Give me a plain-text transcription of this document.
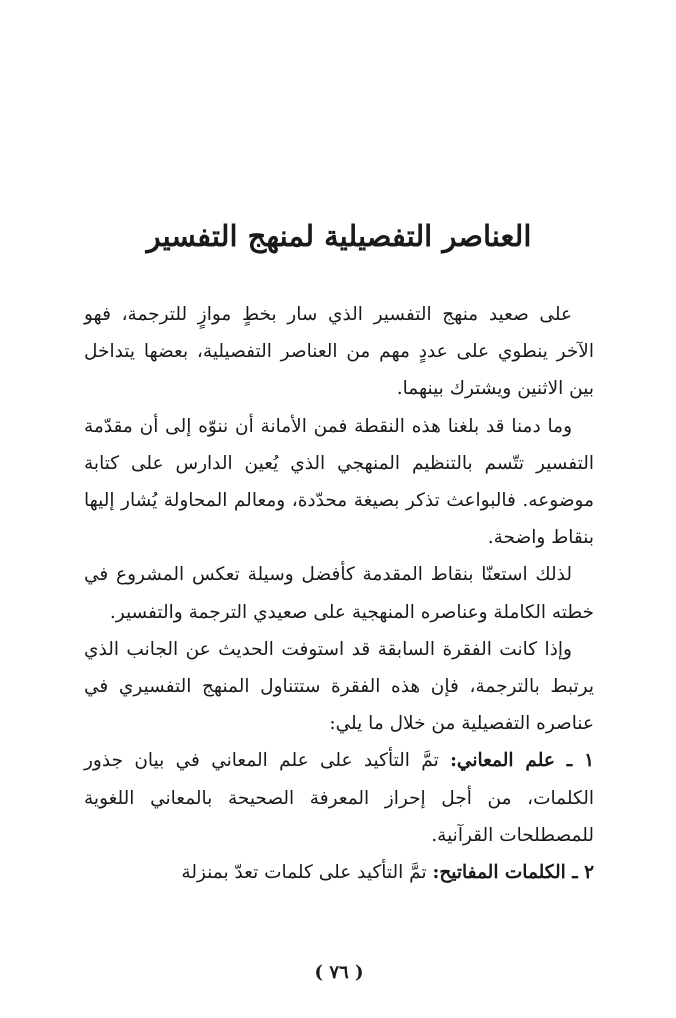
العناصر التفصيلية لمنهج التفسير

على صعيد منهج التفسير الذي سار بخطٍ موازٍ للترجمة، فهو الآخر ينطوي على عددٍ مهم من العناصر التفصيلية، بعضها يتداخل بين الاثنين ويشترك بينهما.

وما دمنا قد بلغنا هذه النقطة فمن الأمانة أن ننوّه إلى أن مقدّمة التفسير تتّسم بالتنظيم المنهجي الذي يُعين الدارس على كتابة موضوعه. فالبواعث تذكر بصيغة محدّدة، ومعالم المحاولة يُشار إليها بنقاط واضحة.

لذلك استعنّا بنقاط المقدمة كأفضل وسيلة تعكس المشروع في خطته الكاملة وعناصره المنهجية على صعيدي الترجمة والتفسير.

وإذا كانت الفقرة السابقة قد استوفت الحديث عن الجانب الذي يرتبط بالترجمة، فإن هذه الفقرة ستتناول المنهج التفسيري في عناصره التفصيلية من خلال ما يلي:

١ ـ علم المعاني: تمَّ التأكيد على علم المعاني في بيان جذور الكلمات، من أجل إحراز المعرفة الصحيحة بالمعاني اللغوية للمصطلحات القرآنية.

٢ ـ الكلمات المفاتيح: تمَّ التأكيد على كلمات تعدّ بمنزلة

( ٧٦ )
